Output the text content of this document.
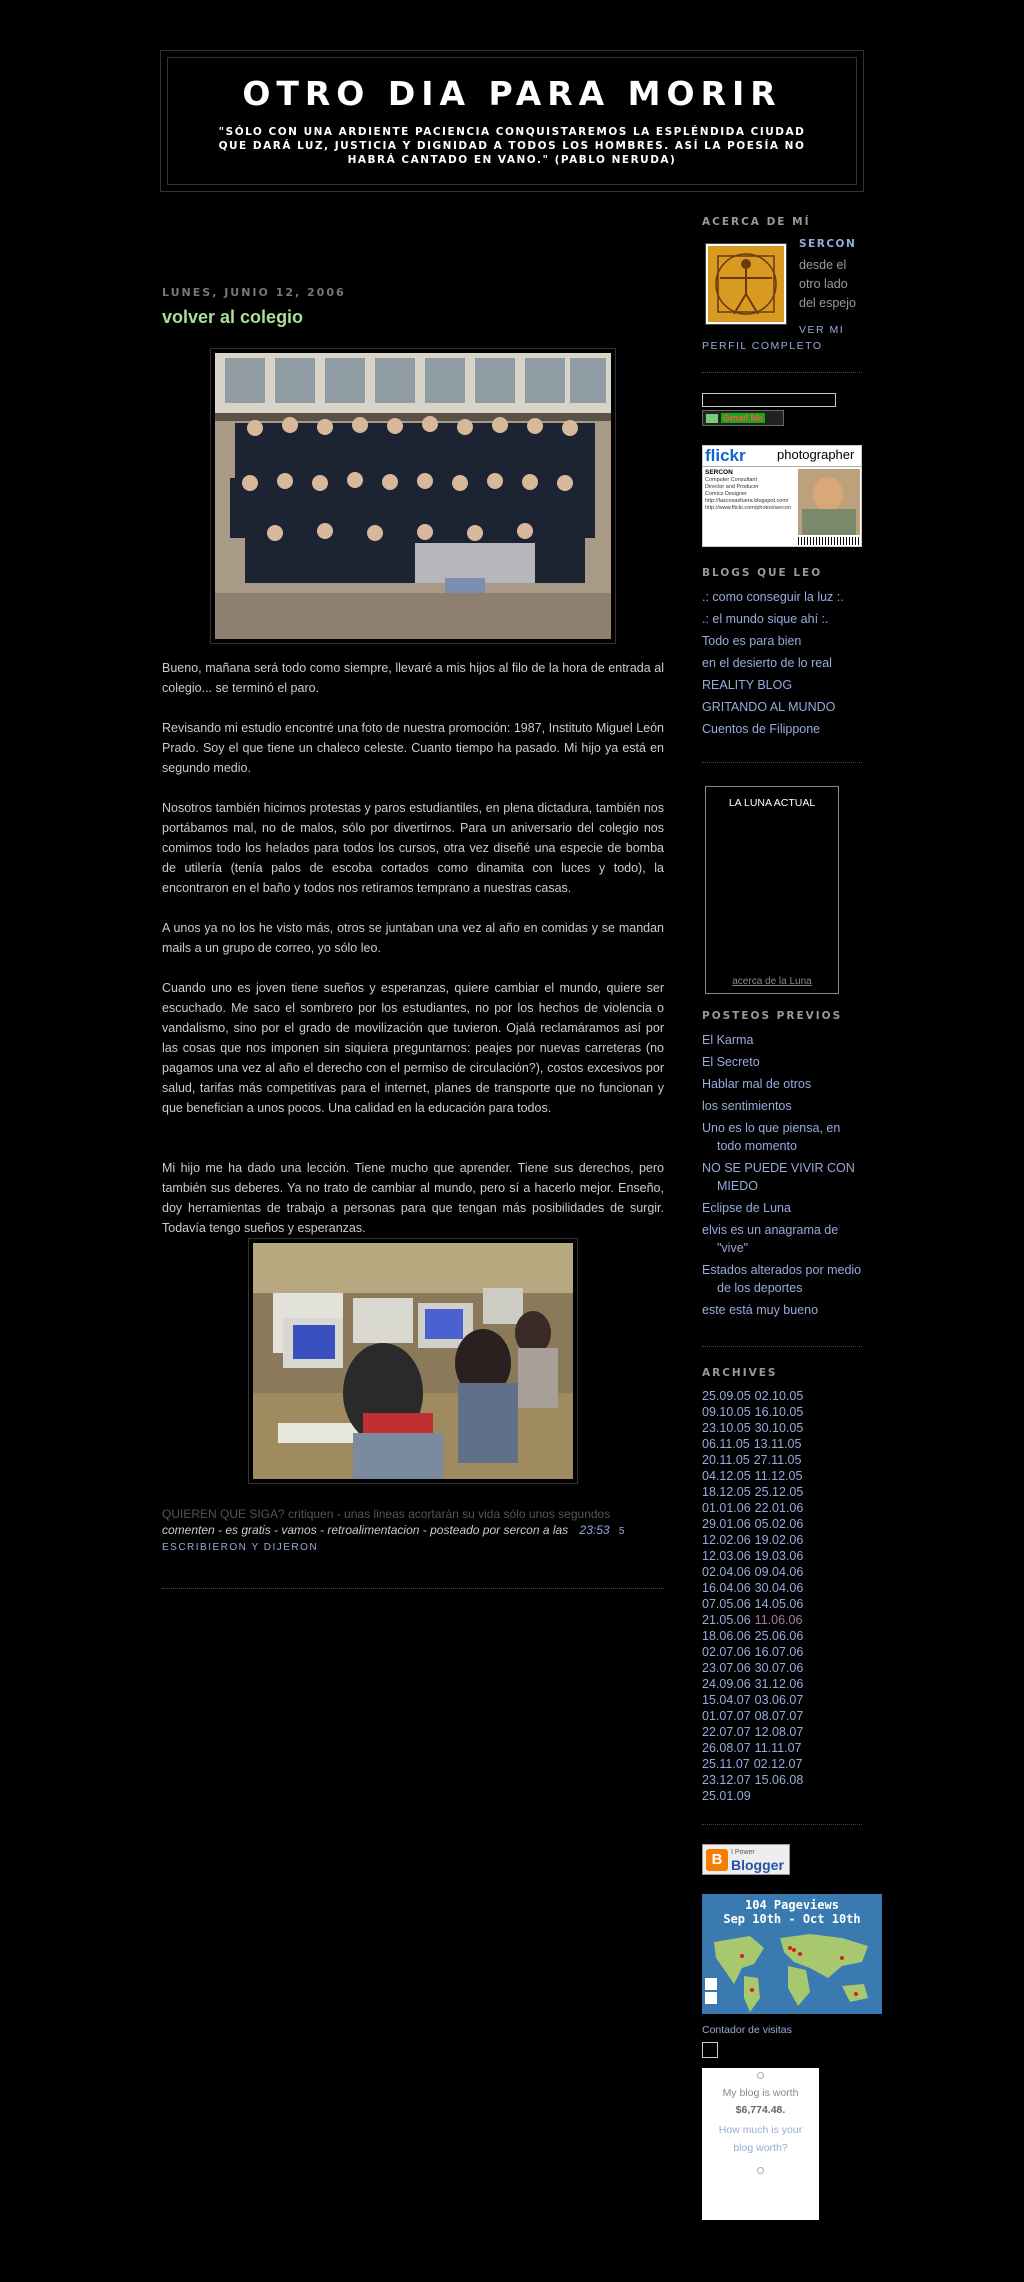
OTRO DIA PARA MORIR

"SÓLO CON UNA ARDIENTE PACIENCIA CONQUISTAREMOS LA ESPLÉNDIDA CIUDAD QUE DARÁ LUZ, JUSTICIA Y DIGNIDAD A TODOS LOS HOMBRES. ASÍ LA POESÍA NO HABRÁ CANTADO EN VANO." (PABLO NERUDA)

LUNES, JUNIO 12, 2006
volver al colegio

Bueno, mañana será todo como siempre, llevaré a mis hijos al filo de la hora de entrada al colegio... se terminó el paro.

Revisando mi estudio encontré una foto de nuestra promoción: 1987, Instituto Miguel León Prado. Soy el que tiene un chaleco celeste. Cuanto tiempo ha pasado. Mi hijo ya está en segundo medio.

Nosotros también hicimos protestas y paros estudiantiles, en plena dictadura, también nos portábamos mal, no de malos, sólo por divertirnos. Para un aniversario del colegio nos comimos todo los helados para todos los cursos, otra vez diseñé una especie de bomba de utilería (tenía palos de escoba cortados como dinamita con luces y todo), la encontraron en el baño y todos nos retiramos temprano a nuestras casas.

A unos ya no los he visto más, otros se juntaban una vez al año en comidas y se mandan mails a un grupo de correo, yo sólo leo.

Cuando uno es joven tiene sueños y esperanzas, quiere cambiar el mundo, quiere ser escuchado. Me saco el sombrero por los estudiantes, no por los hechos de violencia o vandalismo, sino por el grado de movilización que tuvieron. Ojalá reclamáramos así por las cosas que nos imponen sin siquiera preguntarnos: peajes por nuevas carreteras (no pagamos una vez al año el derecho con el permiso de circulación?), costos excesivos por salud, tarifas más competitivas para el internet, planes de transporte que no funcionan y que benefician a unos pocos. Una calidad en la educación para todos.

Mi hijo me ha dado una lección. Tiene mucho que aprender. Tiene sus derechos, pero también sus deberes. Ya no trato de cambiar al mundo, pero sí a hacerlo mejor. Enseño, doy herramientas de trabajo a personas para que tengan más posibilidades de surgir. Todavía tengo sueños y esperanzas.

QUIEREN QUE SIGA? critiquen - unas lineas acortarán su vida sólo unos segundos
comenten - es gratis - vamos - retroalimentacion - posteado por sercon a las 23:53 5
ESCRIBIERON Y DIJERON
ACERCA DE MÍ
SERCON
desde el otro lado del espejo
VER MI PERFIL COMPLETO
Gmail Me
flickr photographer
SERCON
Computer Consultant
Director and Producer
Comics Designer
http://lascosasfuera.blogspot.com/
http://www.flickr.com/photos/sercon
BLOGS QUE LEO
.: como conseguir la luz :.
.: el mundo sique ahí :.
Todo es para bien
en el desierto de lo real
REALITY BLOG
GRITANDO AL MUNDO
Cuentos de Filippone
LA LUNA ACTUAL
acerca de la Luna
POSTEOS PREVIOS
El Karma
El Secreto
Hablar mal de otros
los sentimientos
Uno es lo que piensa, en todo momento
NO SE PUEDE VIVIR CON MIEDO
Eclipse de Luna
elvis es un anagrama de "vive"
Estados alterados por medio de los deportes
este está muy bueno
ARCHIVES
25.09.05 02.10.05
09.10.05 16.10.05
23.10.05 30.10.05
06.11.05 13.11.05
20.11.05 27.11.05
04.12.05 11.12.05
18.12.05 25.12.05
01.01.06 22.01.06
29.01.06 05.02.06
12.02.06 19.02.06
12.03.06 19.03.06
02.04.06 09.04.06
16.04.06 30.04.06
07.05.06 14.05.06
21.05.06 11.06.06
18.06.06 25.06.06
02.07.06 16.07.06
23.07.06 30.07.06
24.09.06 31.12.06
15.04.07 03.06.07
01.07.07 08.07.07
22.07.07 12.08.07
26.08.07 11.11.07
25.11.07 02.12.07
23.12.07 15.06.08
25.01.09
B	I Power
Blogger
104 Pageviews
Sep 10th - Oct 10th
Contador de visitas
My blog is worth
$6,774.48.
How much is your blog worth?
